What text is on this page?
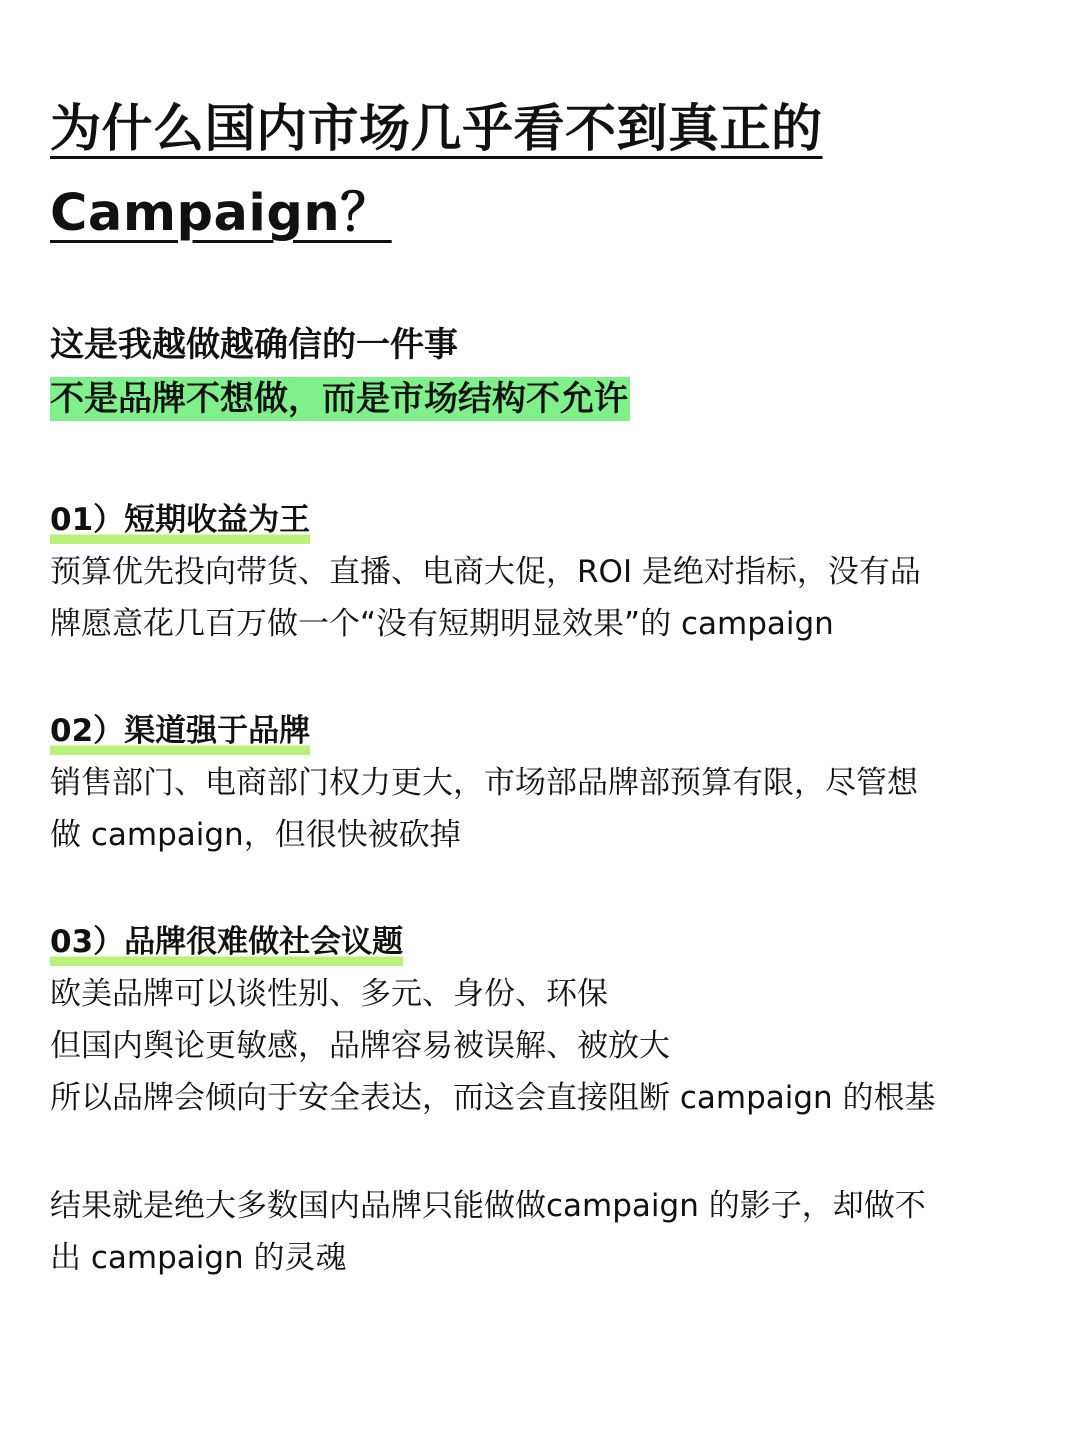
为什么国内市场几乎看不到真正的
Campaign？
这是我越做越确信的一件事
不是品牌不想做，而是市场结构不允许
01）短期收益为王
预算优先投向带货、直播、电商大促，ROI 是绝对指标，没有品
牌愿意花几百万做一个“没有短期明显效果”的 campaign
02）渠道强于品牌
销售部门、电商部门权力更大，市场部品牌部预算有限，尽管想
做 campaign，但很快被砍掉
03）品牌很难做社会议题
欧美品牌可以谈性别、多元、身份、环保
但国内舆论更敏感，品牌容易被误解、被放大
所以品牌会倾向于安全表达，而这会直接阻断 campaign 的根基
结果就是绝大多数国内品牌只能做做campaign 的影子，却做不
出 campaign 的灵魂
